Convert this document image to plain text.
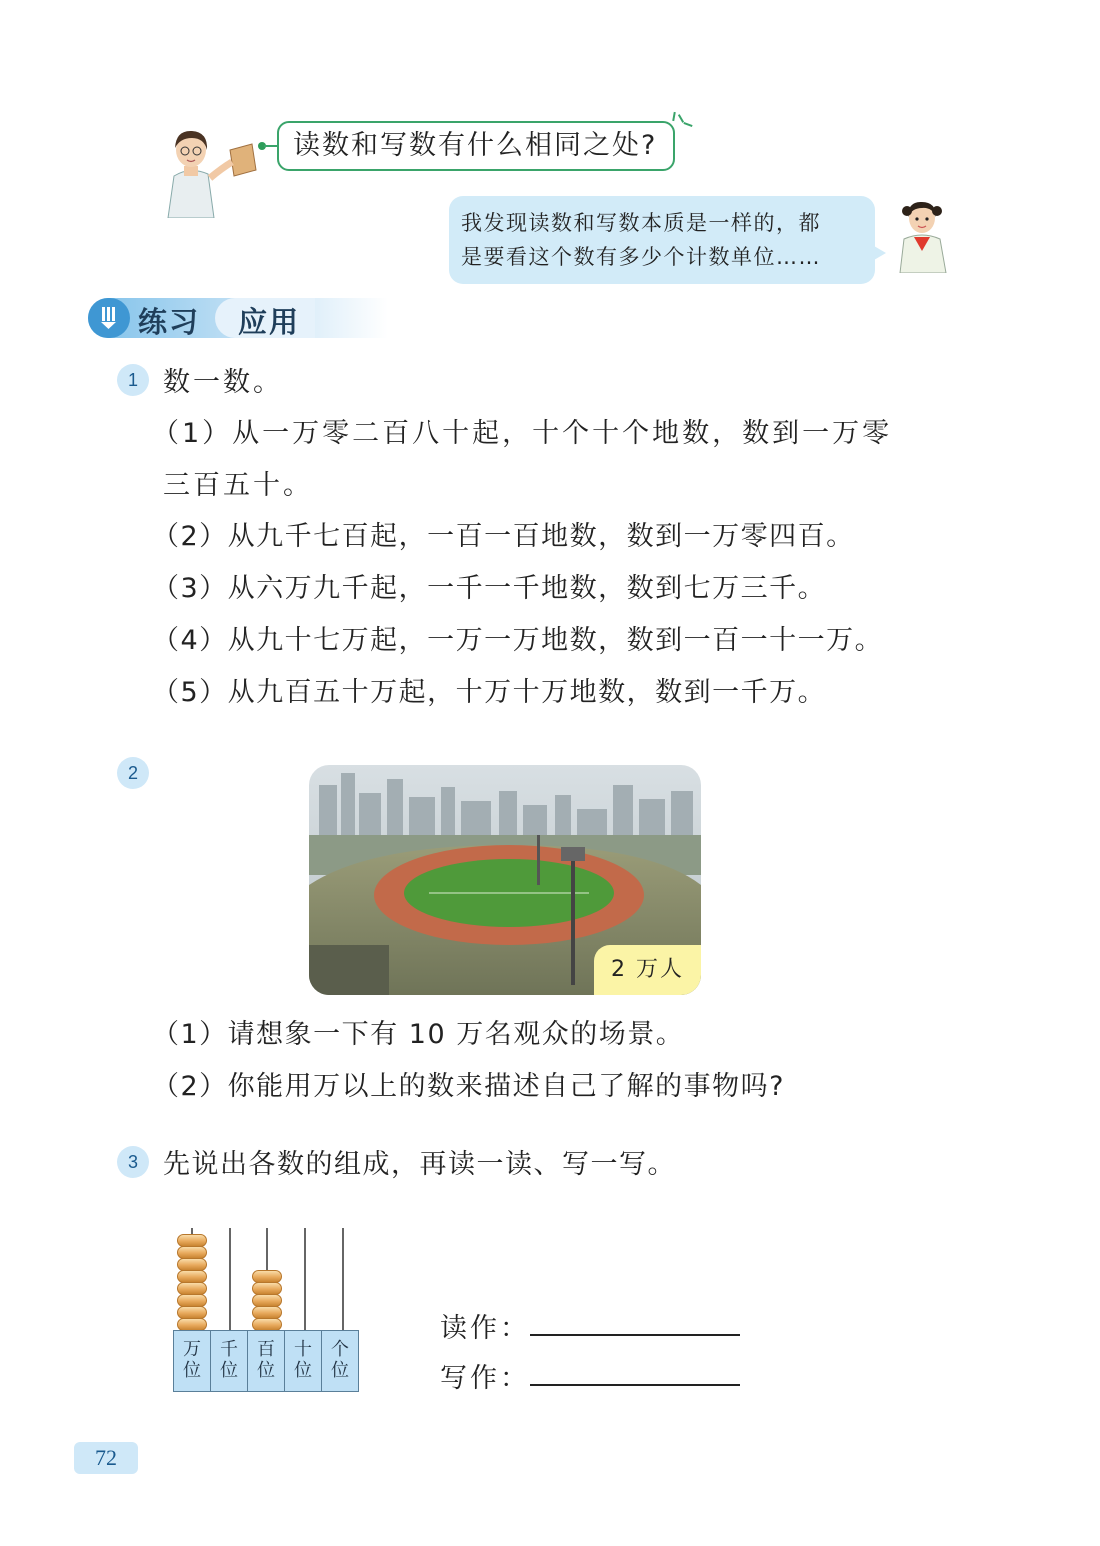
读数和写数有什么相同之处?
我发现读数和写数本质是一样的，都
是要看这个数有多少个计数单位……
练习 应用
1 数一数。
（1）从一万零二百八十起，十个十个地数，数到一万零
三百五十。
（2）从九千七百起，一百一百地数，数到一万零四百。
（3）从六万九千起，一千一千地数，数到七万三千。
（4）从九十七万起，一万一万地数，数到一百一十一万。
（5）从九百五十万起，十万十万地数，数到一千万。
2
2 万人
（1）请想象一下有 10 万名观众的场景。
（2）你能用万以上的数来描述自己了解的事物吗?
3 先说出各数的组成，再读一读、写一写。
万
位
千
位
百
位
十
位
个
位
读作：
写作：
72
